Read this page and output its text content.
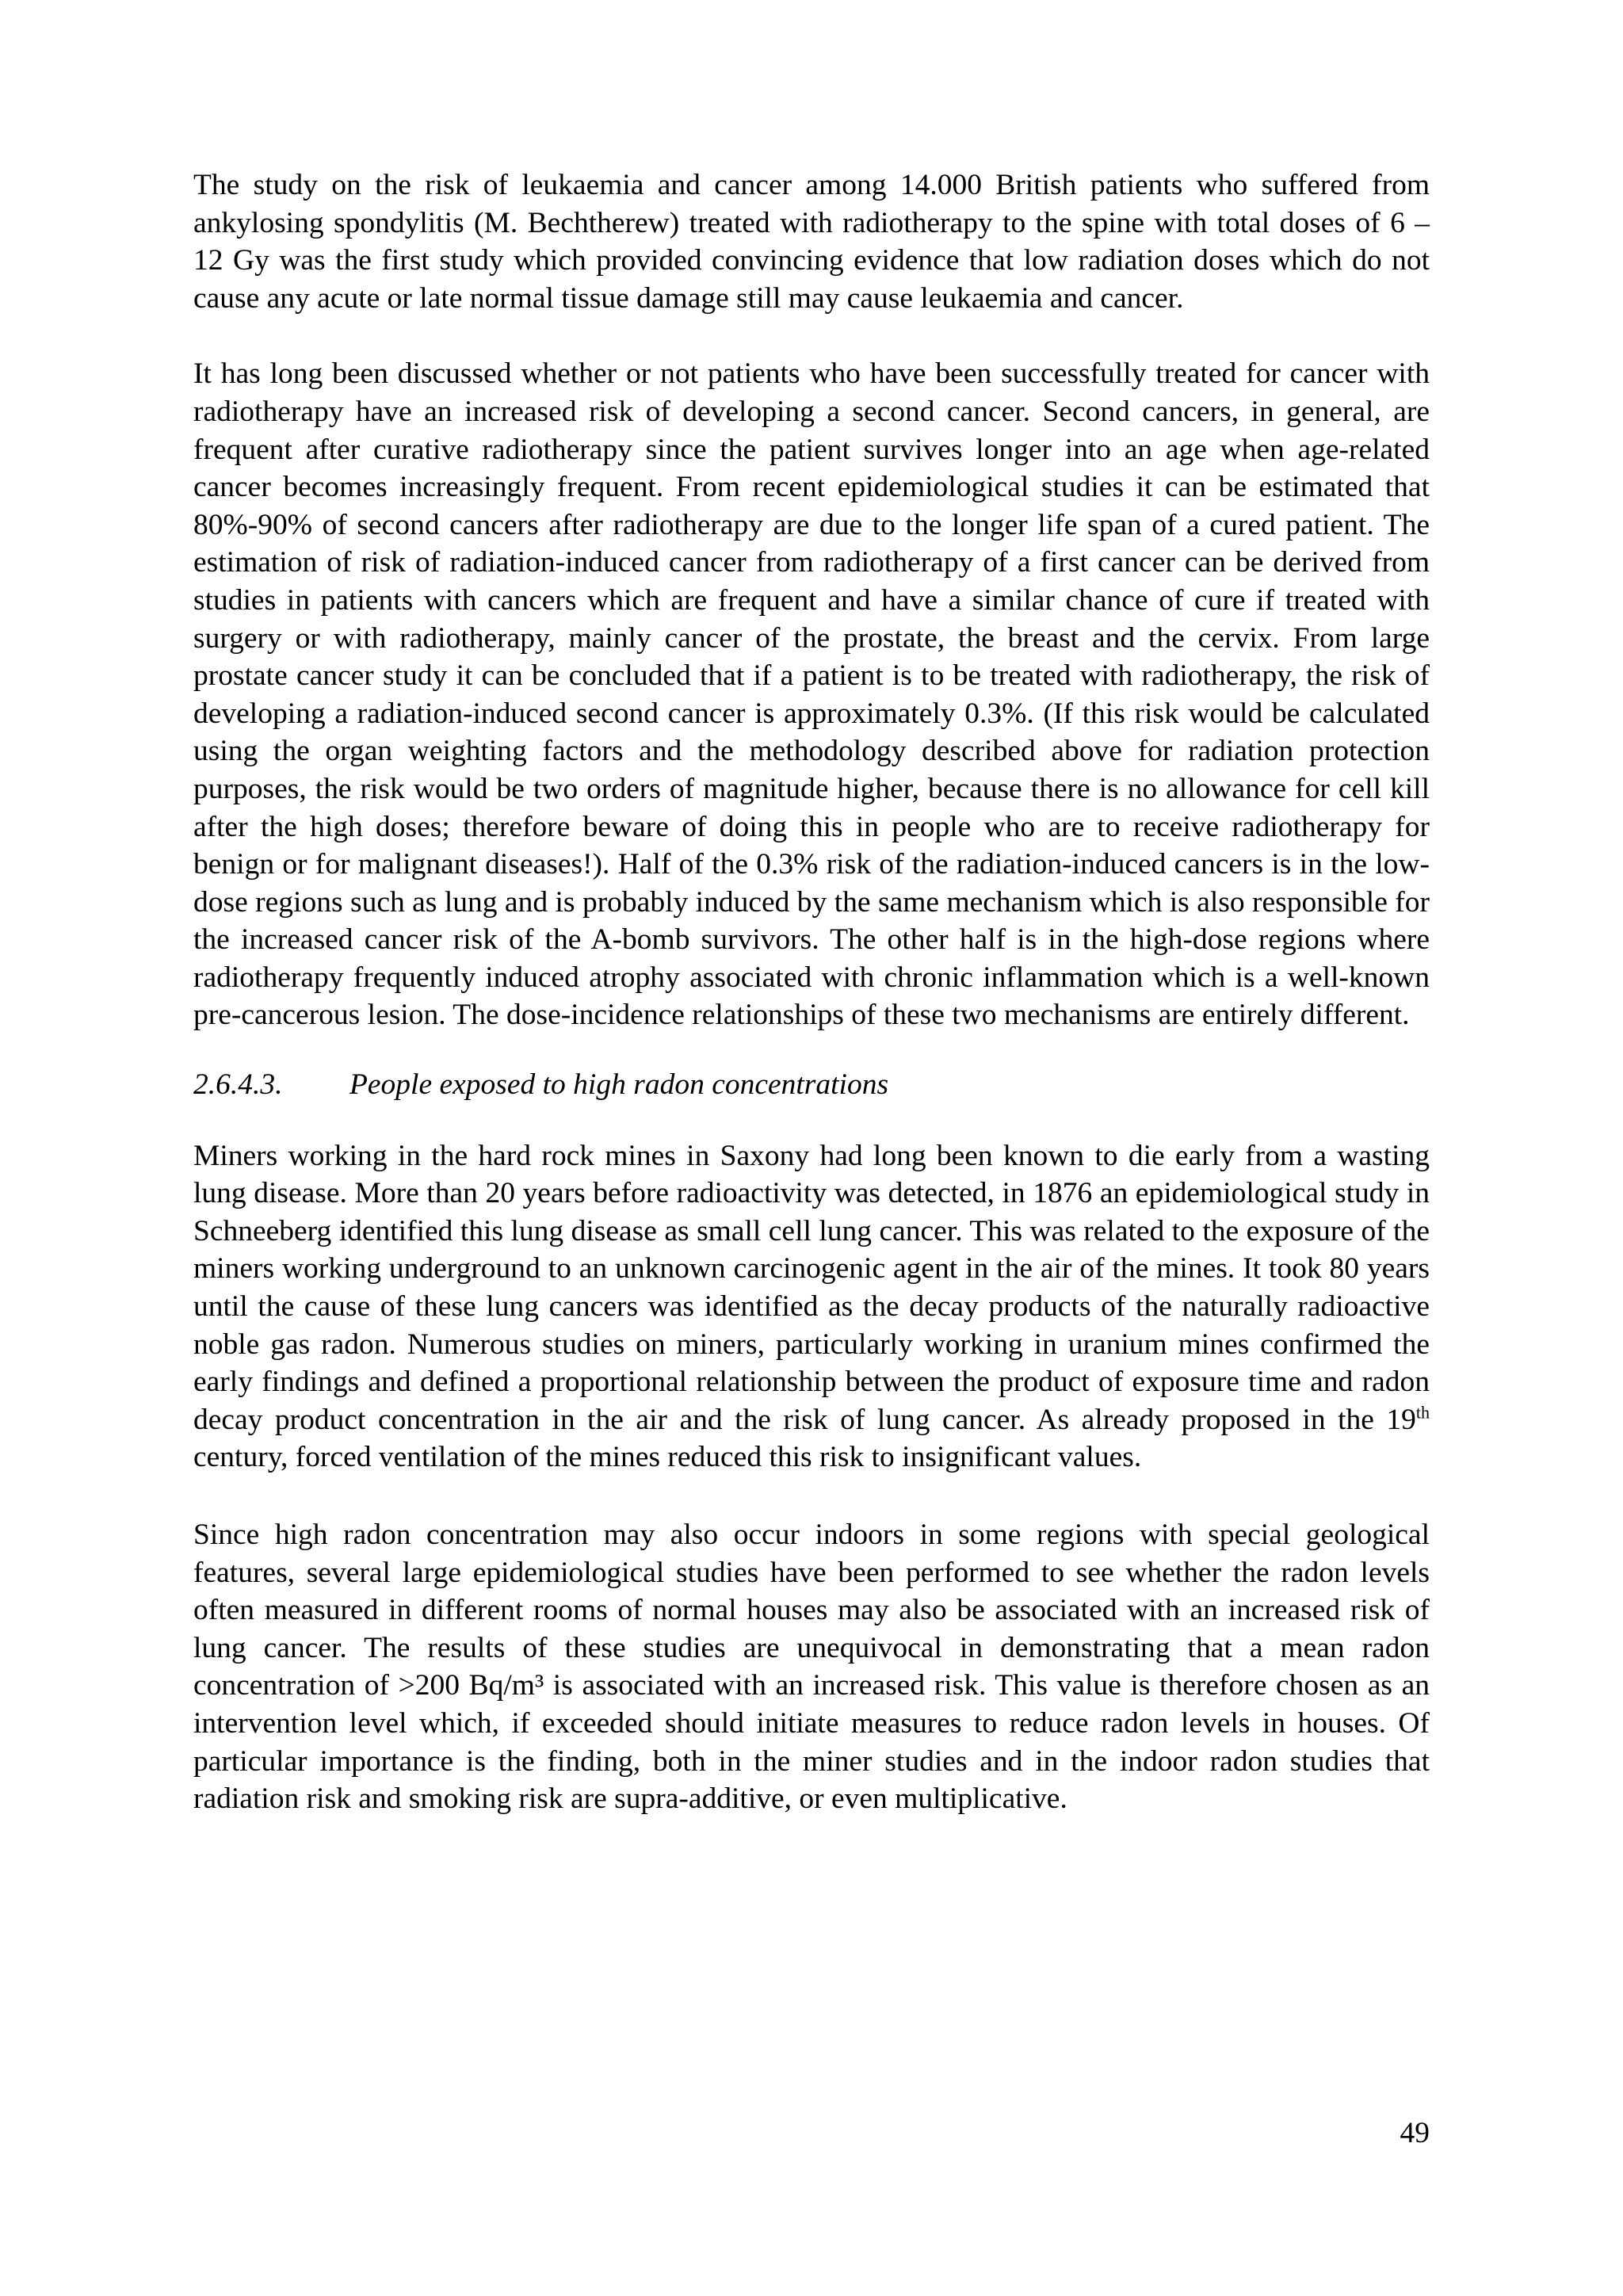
The study on the risk of leukaemia and cancer among 14.000 British patients who suffered from ankylosing spondylitis (M. Bechtherew) treated with radiotherapy to the spine with total doses of 6 – 12 Gy was the first study which provided convincing evidence that low radiation doses which do not cause any acute or late normal tissue damage still may cause leukaemia and cancer.

It has long been discussed whether or not patients who have been successfully treated for cancer with radiotherapy have an increased risk of developing a second cancer. Second cancers, in general, are frequent after curative radiotherapy since the patient survives longer into an age when age-related cancer becomes increasingly frequent. From recent epidemiological studies it can be estimated that 80%-90% of second cancers after radiotherapy are due to the longer life span of a cured patient. The estimation of risk of radiation-induced cancer from radiotherapy of a first cancer can be derived from studies in patients with cancers which are frequent and have a similar chance of cure if treated with surgery or with radiotherapy, mainly cancer of the prostate, the breast and the cervix. From large prostate cancer study it can be concluded that if a patient is to be treated with radiotherapy, the risk of developing a radiation-induced second cancer is approximately 0.3%. (If this risk would be calculated using the organ weighting factors and the methodology described above for radiation protection purposes, the risk would be two orders of magnitude higher, because there is no allowance for cell kill after the high doses; therefore beware of doing this in people who are to receive radiotherapy for benign or for malignant diseases!). Half of the 0.3% risk of the radiation-induced cancers is in the low-dose regions such as lung and is probably induced by the same mechanism which is also responsible for the increased cancer risk of the A-bomb survivors. The other half is in the high-dose regions where radiotherapy frequently induced atrophy associated with chronic inflammation which is a well-known pre-cancerous lesion. The dose-incidence relationships of these two mechanisms are entirely different.

2.6.4.3.	People exposed to high radon concentrations

Miners working in the hard rock mines in Saxony had long been known to die early from a wasting lung disease. More than 20 years before radioactivity was detected, in 1876 an epidemiological study in Schneeberg identified this lung disease as small cell lung cancer. This was related to the exposure of the miners working underground to an unknown carcinogenic agent in the air of the mines. It took 80 years until the cause of these lung cancers was identified as the decay products of the naturally radioactive noble gas radon. Numerous studies on miners, particularly working in uranium mines confirmed the early findings and defined a proportional relationship between the product of exposure time and radon decay product concentration in the air and the risk of lung cancer. As already proposed in the 19th century, forced ventilation of the mines reduced this risk to insignificant values.

Since high radon concentration may also occur indoors in some regions with special geological features, several large epidemiological studies have been performed to see whether the radon levels often measured in different rooms of normal houses may also be associated with an increased risk of lung cancer. The results of these studies are unequivocal in demonstrating that a mean radon concentration of >200 Bq/m³ is associated with an increased risk. This value is therefore chosen as an intervention level which, if exceeded should initiate measures to reduce radon levels in houses. Of particular importance is the finding, both in the miner studies and in the indoor radon studies that radiation risk and smoking risk are supra-additive, or even multiplicative.

49
